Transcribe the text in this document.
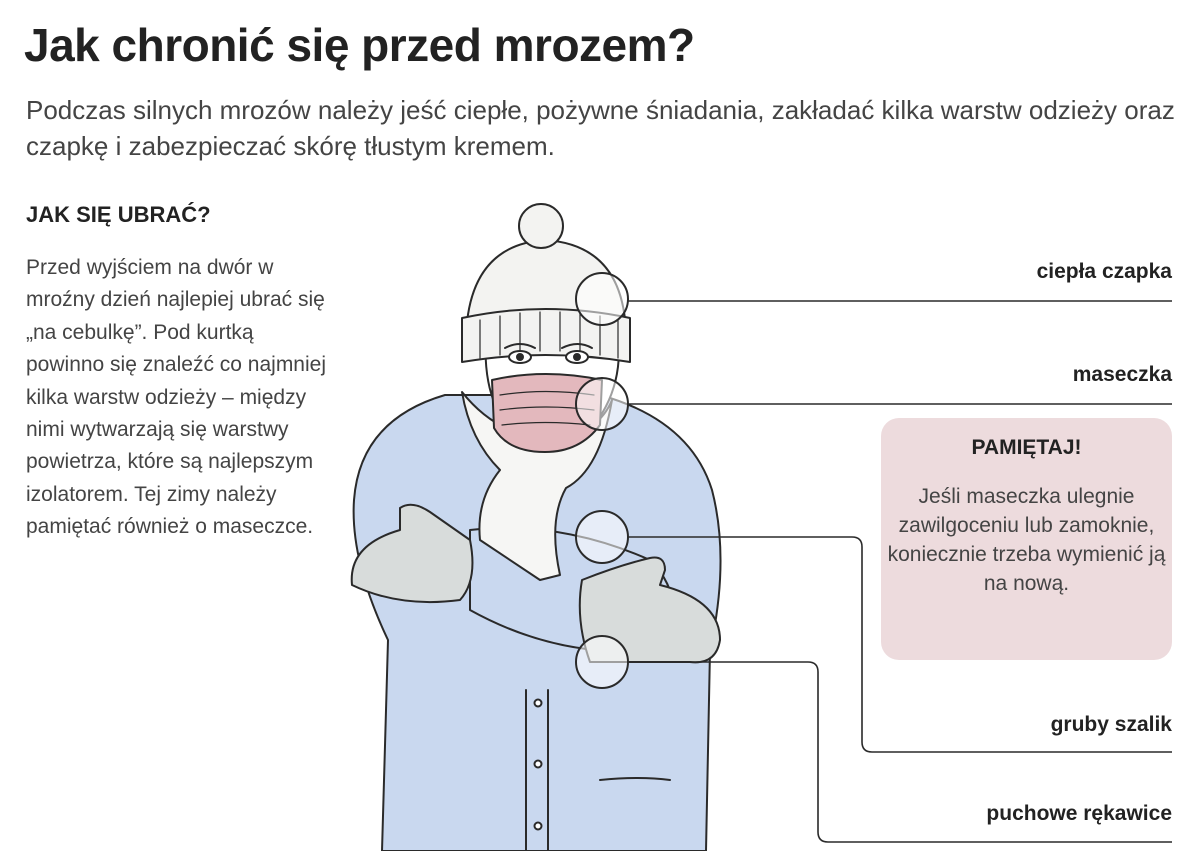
Jak chronić się przed mrozem?

Podczas silnych mrozów należy jeść ciepłe, pożywne śniadania, zakładać kilka warstw odzieży oraz czapkę i zabezpieczać skórę tłustym kremem.

JAK SIĘ UBRAĆ?

Przed wyjściem na dwór w mroźny dzień najlepiej ubrać się „na cebulkę”. Pod kurtką powinno się znaleźć co najmniej kilka warstw odzieży – między nimi wytwarzają się warstwy powietrza, które są najlepszym izolatorem. Tej zimy należy pamiętać również o maseczce.

PAMIĘTAJ!

Jeśli maseczka ulegnie zawilgoceniu lub zamoknie, koniecznie trzeba wymienić ją na nową.

ciepła czapka

maseczka

gruby szalik

puchowe rękawice
